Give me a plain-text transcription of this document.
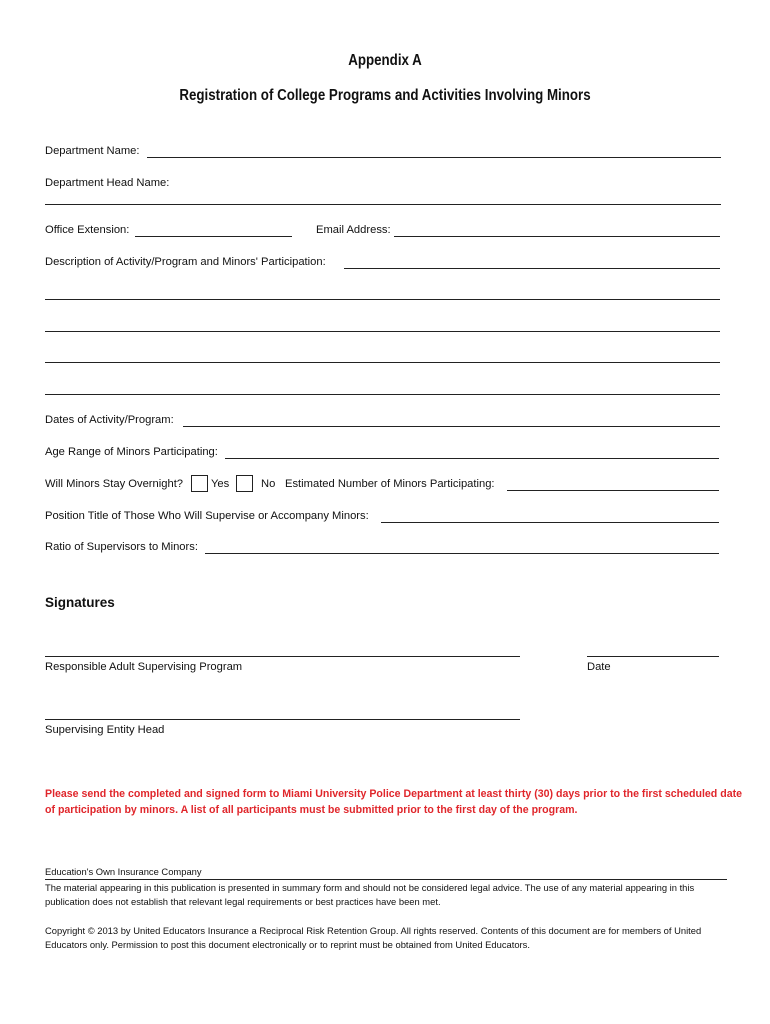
Appendix A
Registration of College Programs and Activities Involving Minors
Department Name:
Department Head Name:
Office Extension:	Email Address:
Description of Activity/Program and Minors' Participation:
Dates of Activity/Program:
Age Range of Minors Participating:
Will Minors Stay Overnight? Yes	No Estimated Number of Minors Participating:
Position Title of Those Who Will Supervise or Accompany Minors:
Ratio of Supervisors to Minors:
Signatures
Responsible Adult Supervising Program	Date
Supervising Entity Head
Please send the completed and signed form to Miami University Police Department at least thirty (30) days prior to the first scheduled date of participation by minors. A list of all participants must be submitted prior to the first day of the program.
Education's Own Insurance Company
The material appearing in this publication is presented in summary form and should not be considered legal advice. The use of any material appearing in this publication does not establish that relevant legal requirements or best practices have been met.
Copyright © 2013 by United Educators Insurance a Reciprocal Risk Retention Group. All rights reserved. Contents of this document are for members of United Educators only. Permission to post this document electronically or to reprint must be obtained from United Educators.
